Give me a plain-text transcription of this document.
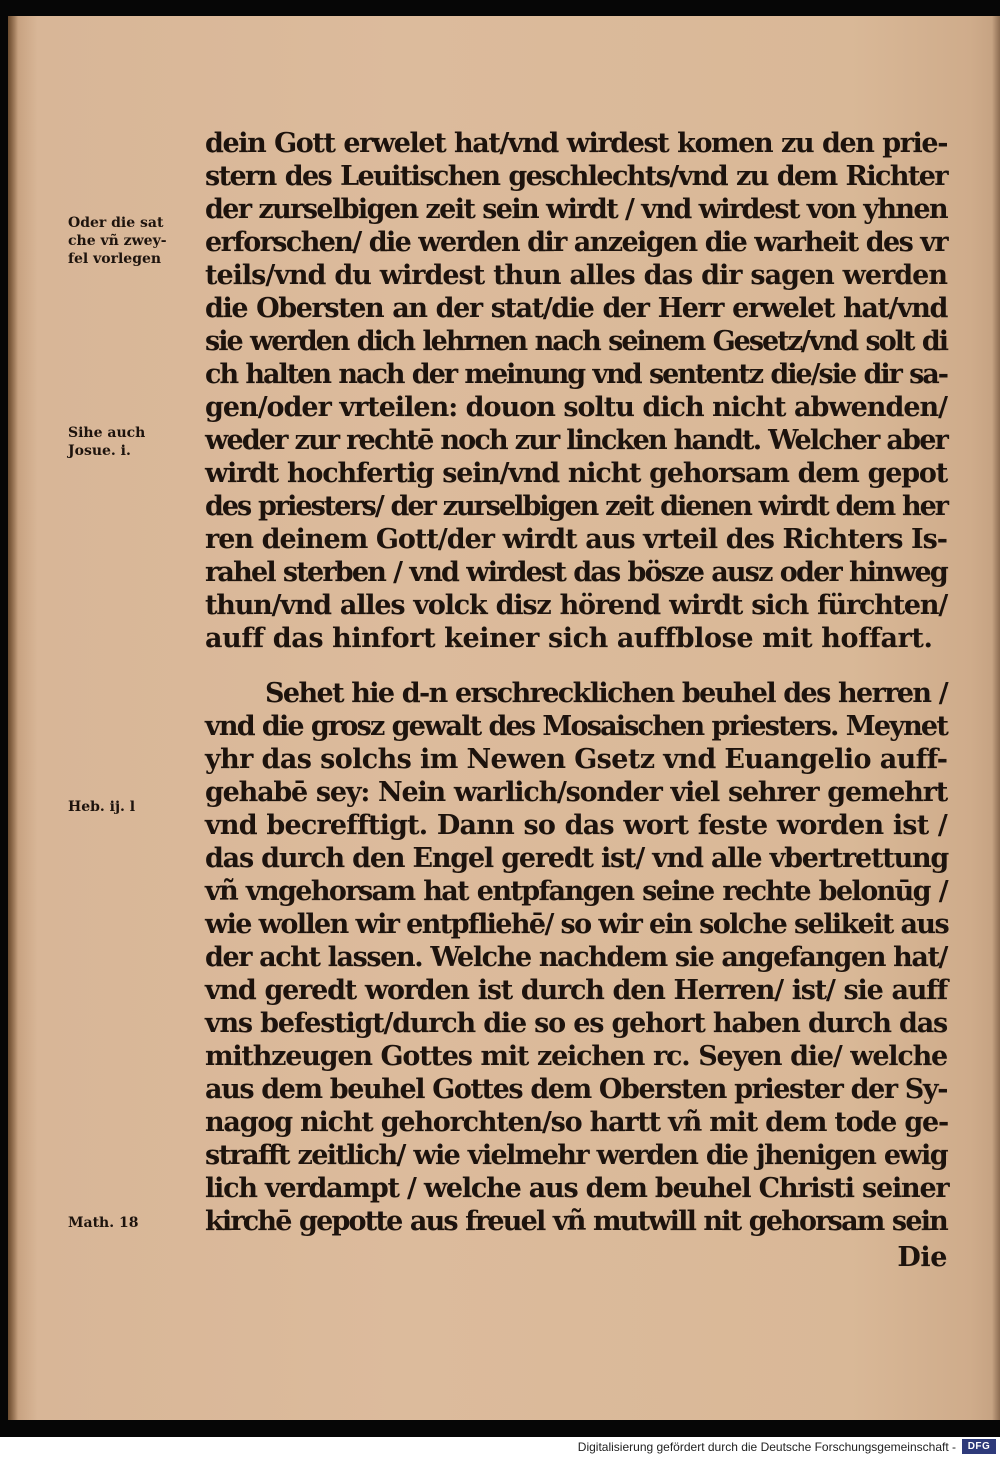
Oder die sat
che vñ zwey-
fel vorlegen
Sihe auch
Josue. i.
Heb. ij. l
Math. 18
dein Gott erwelet hat/vnd wirdest komen zu den prie-
stern des Leuitischen geschlechts/vnd zu dem Richter
der zurselbigen zeit sein wirdt / vnd wirdest von yhnen
erforschen/ die werden dir anzeigen die warheit des vr
teils/vnd du wirdest thun alles das dir sagen werden
die Obersten an der stat/die der Herr erwelet hat/vnd
sie werden dich lehrnen nach seinem Gesetz/vnd solt di
ch halten nach der meinung vnd sententz die/sie dir sa-
gen/oder vrteilen: douon soltu dich nicht abwenden/
weder zur rechtē noch zur lincken handt. Welcher aber
wirdt hochfertig sein/vnd nicht gehorsam dem gepot
des priesters/ der zurselbigen zeit dienen wirdt dem her
ren deinem Gott/der wirdt aus vrteil des Richters Is-
rahel sterben / vnd wirdest das bösze ausz oder hinweg
thun/vnd alles volck disz hörend wirdt sich fürchten/
auff das hinfort keiner sich auffblose mit hoffart.
Sehet hie d-n erschrecklichen beuhel des herren /
vnd die grosz gewalt des Mosaischen priesters. Meynet
yhr das solchs im Newen Gsetz vnd Euangelio auff-
gehabē sey: Nein warlich/sonder viel sehrer gemehrt
vnd becrefftigt. Dann so das wort feste worden ist /
das durch den Engel geredt ist/ vnd alle vbertrettung
vñ vngehorsam hat entpfangen seine rechte belonūg /
wie wollen wir entpfliehē/ so wir ein solche selikeit aus
der acht lassen. Welche nachdem sie angefangen hat/
vnd geredt worden ist durch den Herren/ ist/ sie auff
vns befestigt/durch die so es gehort haben durch das
mithzeugen Gottes mit zeichen rc. Seyen die/ welche
aus dem beuhel Gottes dem Obersten priester der Sy-
nagog nicht gehorchten/so hartt vñ mit dem tode ge-
strafft zeitlich/ wie vielmehr werden die jhenigen ewig
lich verdampt / welche aus dem beuhel Christi seiner
kirchē gepotte aus freuel vñ mutwill nit gehorsam sein
Die
Digitalisierung gefördert durch die Deutsche Forschungsgemeinschaft -	DFG
